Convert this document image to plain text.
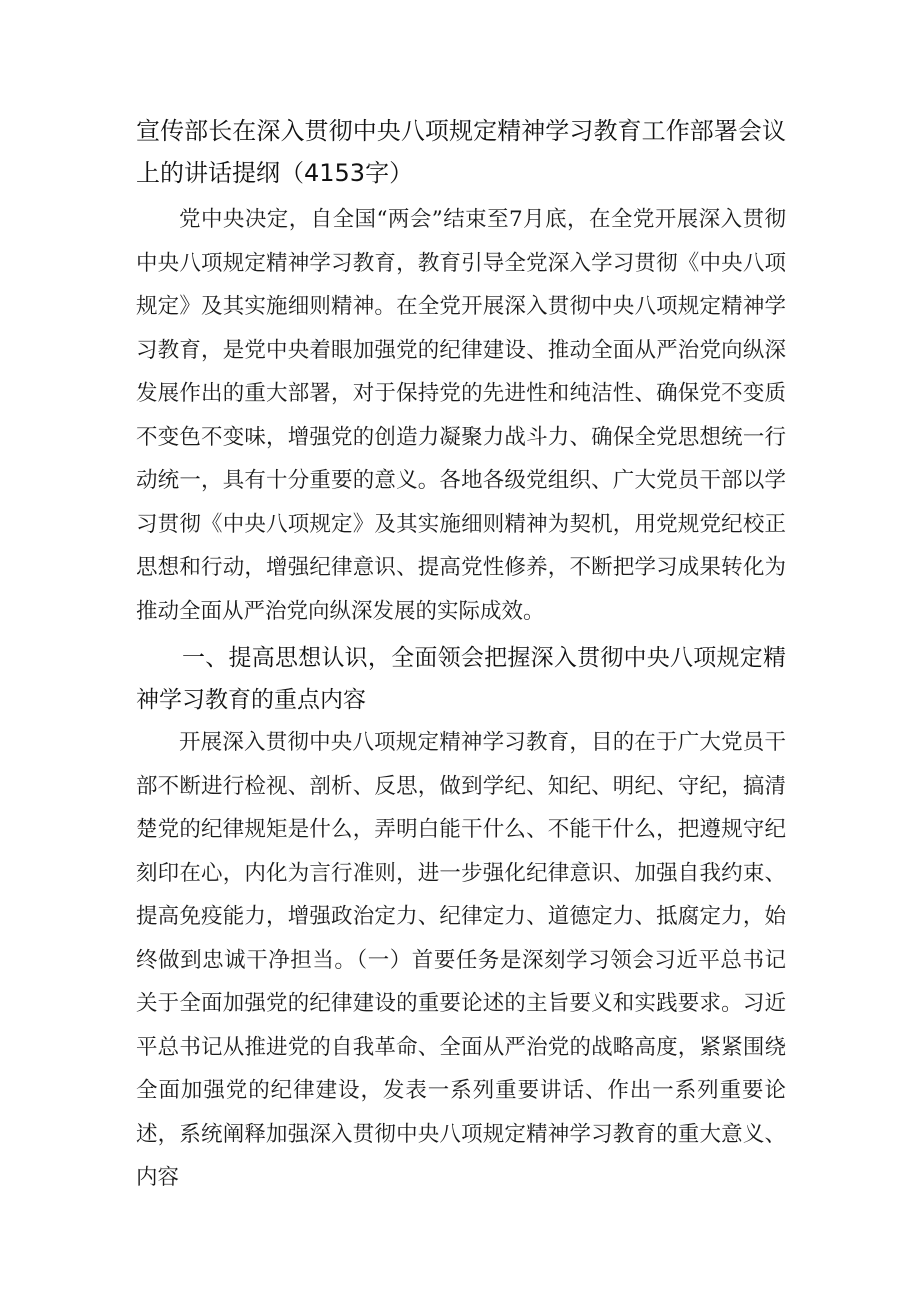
宣传部长在深入贯彻中央八项规定精神学习教育工作部署会议上的讲话提纲（4153字）

党中央决定，自全国“两会”结束至7月底，在全党开展深入贯彻中央八项规定精神学习教育，教育引导全党深入学习贯彻《中央八项规定》及其实施细则精神。在全党开展深入贯彻中央八项规定精神学习教育，是党中央着眼加强党的纪律建设、推动全面从严治党向纵深发展作出的重大部署，对于保持党的先进性和纯洁性、确保党不变质不变色不变味，增强党的创造力凝聚力战斗力、确保全党思想统一行动统一，具有十分重要的意义。各地各级党组织、广大党员干部以学习贯彻《中央八项规定》及其实施细则精神为契机，用党规党纪校正思想和行动，增强纪律意识、提高党性修养，不断把学习成果转化为推动全面从严治党向纵深发展的实际成效。

一、提高思想认识，全面领会把握深入贯彻中央八项规定精神学习教育的重点内容

开展深入贯彻中央八项规定精神学习教育，目的在于广大党员干部不断进行检视、剖析、反思，做到学纪、知纪、明纪、守纪，搞清楚党的纪律规矩是什么，弄明白能干什么、不能干什么，把遵规守纪刻印在心，内化为言行准则，进一步强化纪律意识、加强自我约束、提高免疫能力，增强政治定力、纪律定力、道德定力、抵腐定力，始终做到忠诚干净担当。（一）首要任务是深刻学习领会习近平总书记关于全面加强党的纪律建设的重要论述的主旨要义和实践要求。习近平总书记从推进党的自我革命、全面从严治党的战略高度，紧紧围绕全面加强党的纪律建设，发表一系列重要讲话、作出一系列重要论述，系统阐释加强深入贯彻中央八项规定精神学习教育的重大意义、内容
